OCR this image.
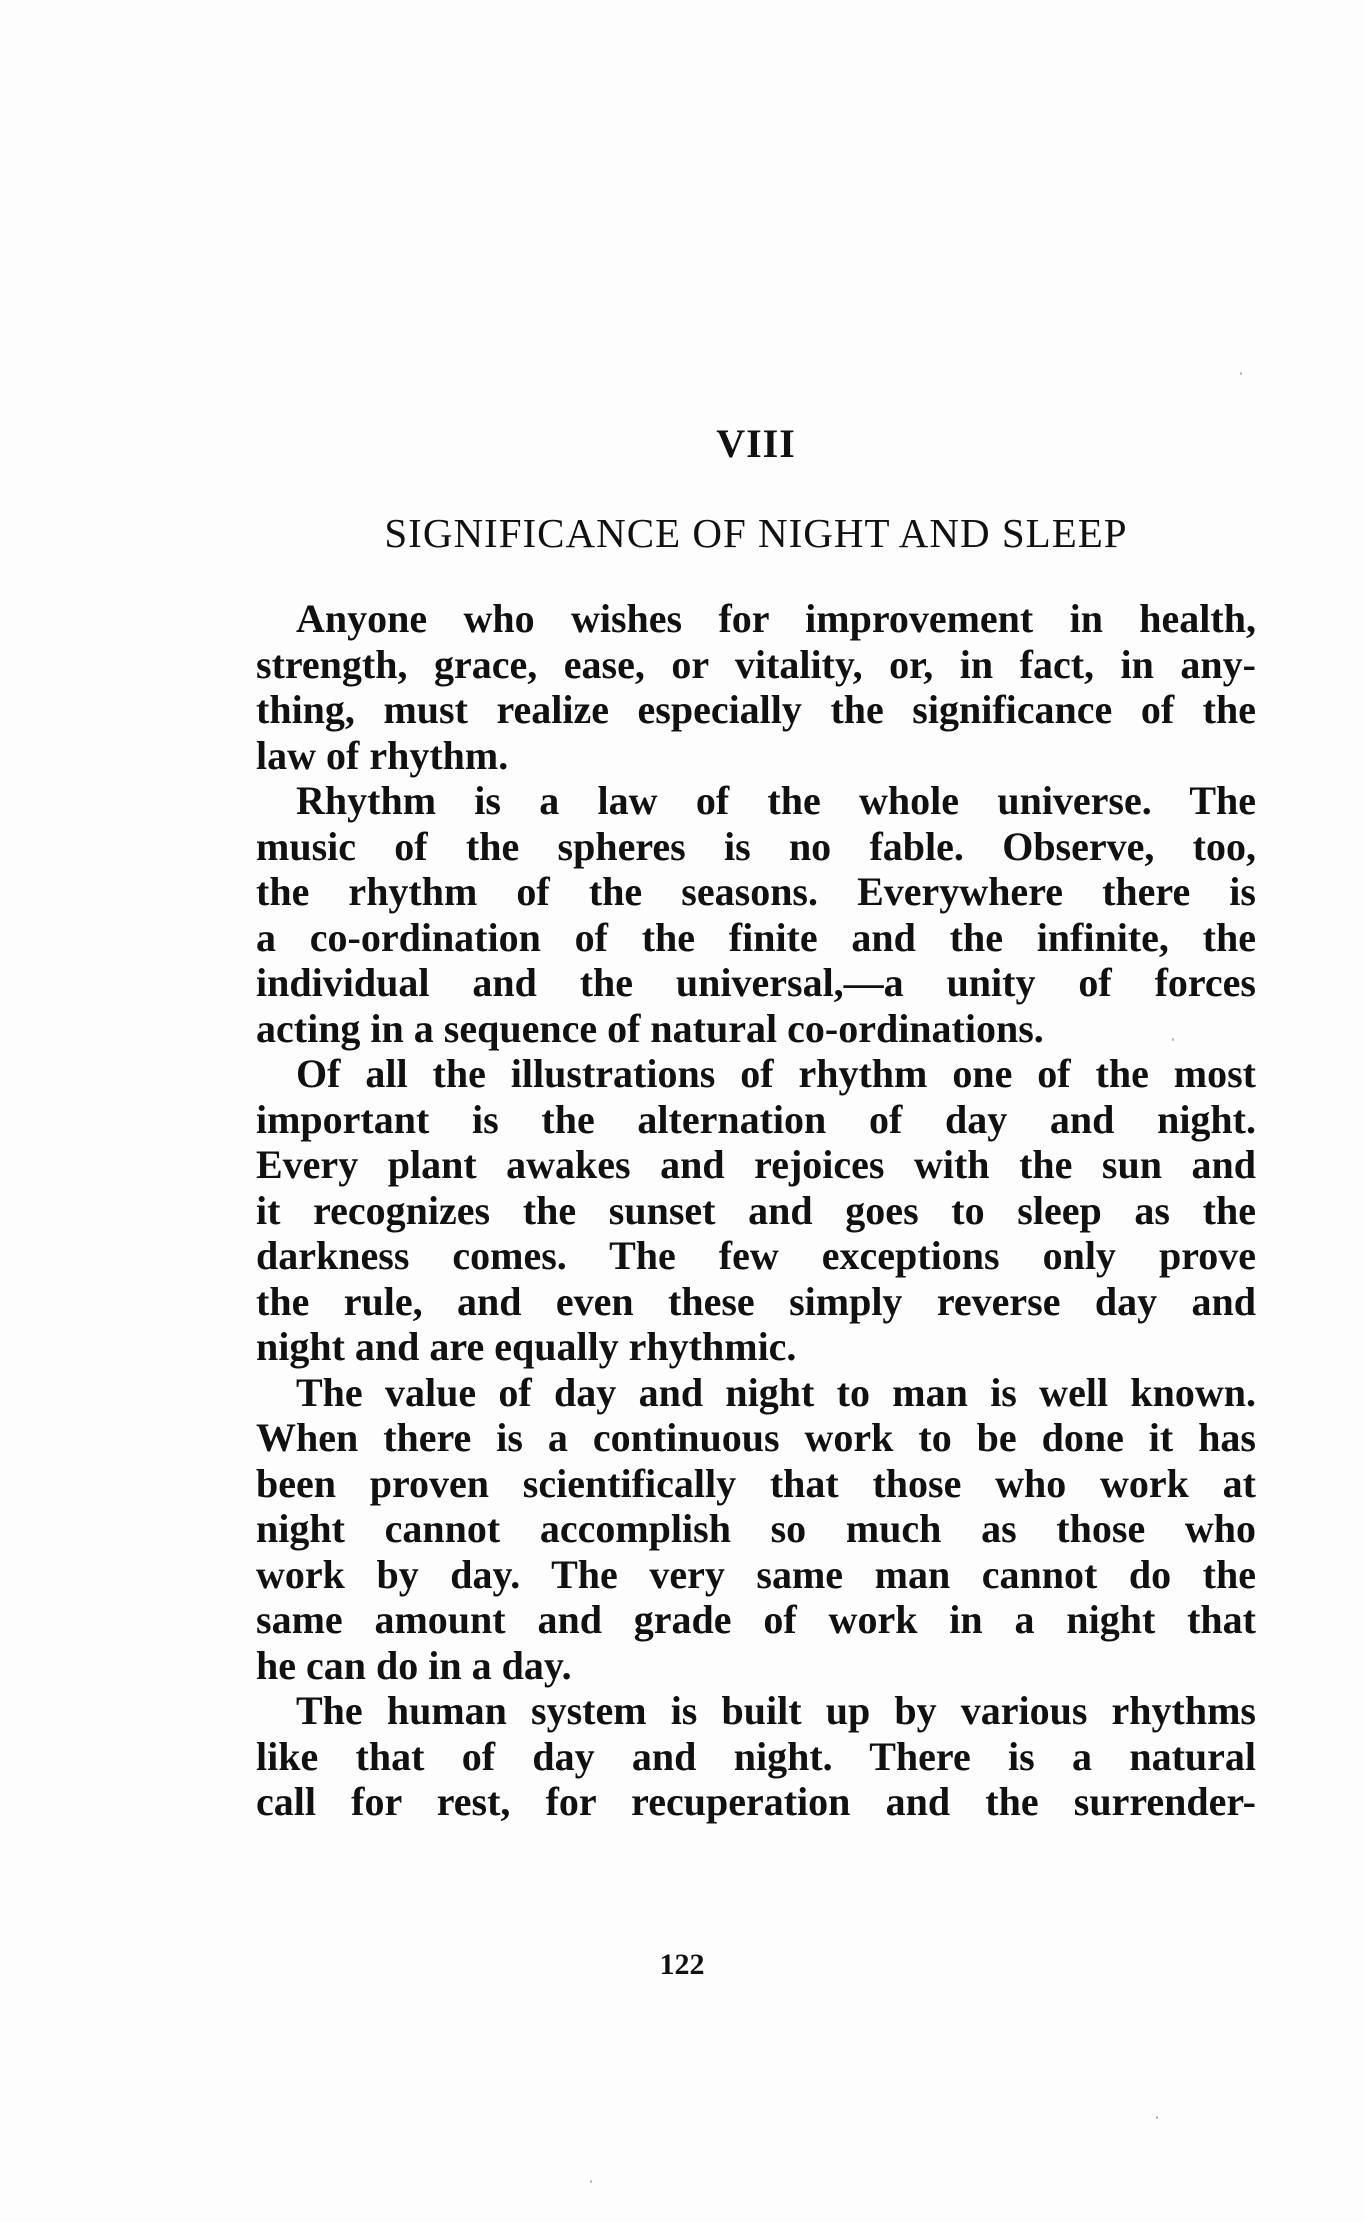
VIII
SIGNIFICANCE OF NIGHT AND SLEEP
Anyone who wishes for improvement in health,
strength, grace, ease, or vitality, or, in fact, in any-
thing, must realize especially the significance of the
law of rhythm.
Rhythm is a law of the whole universe. The
music of the spheres is no fable. Observe, too,
the rhythm of the seasons. Everywhere there is
a co-ordination of the finite and the infinite, the
individual and the universal,—a unity of forces
acting in a sequence of natural co-ordinations.
Of all the illustrations of rhythm one of the most
important is the alternation of day and night.
Every plant awakes and rejoices with the sun and
it recognizes the sunset and goes to sleep as the
darkness comes. The few exceptions only prove
the rule, and even these simply reverse day and
night and are equally rhythmic.
The value of day and night to man is well known.
When there is a continuous work to be done it has
been proven scientifically that those who work at
night cannot accomplish so much as those who
work by day. The very same man cannot do the
same amount and grade of work in a night that
he can do in a day.
The human system is built up by various rhythms
like that of day and night. There is a natural
call for rest, for recuperation and the surrender-
122
